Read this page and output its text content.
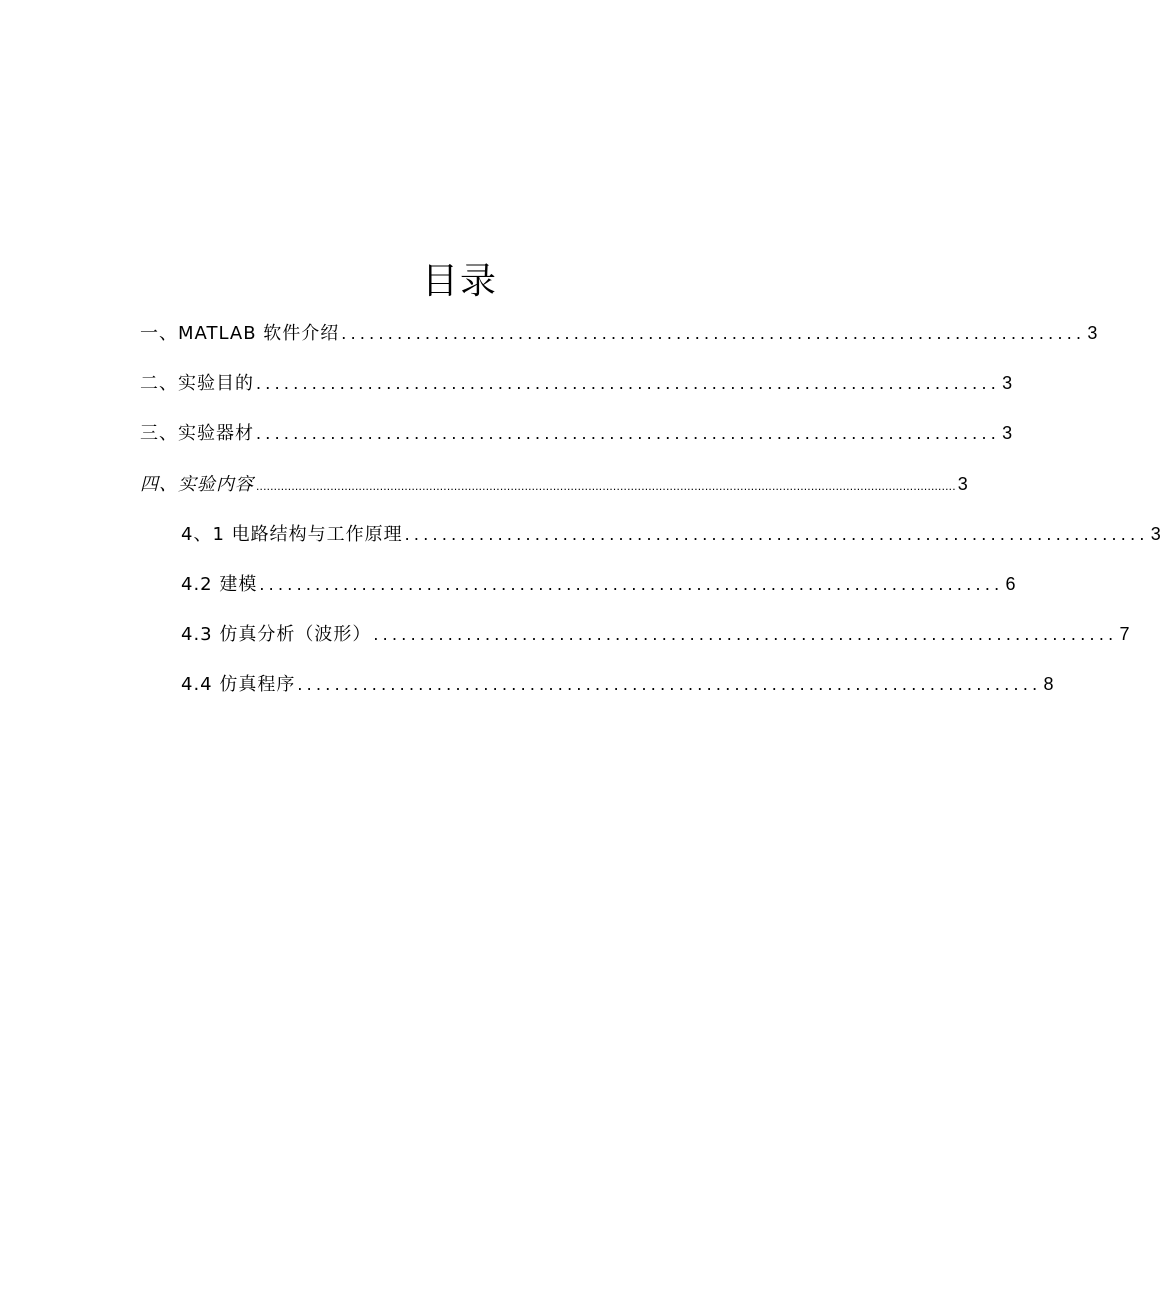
目录
一、MATLAB 软件介绍 ................................................................................ 3
二、实验目的 ................................................................................ 3
三、实验器材 ................................................................................ 3
四、实验内容 ...................................................................................................................................................................................................... 3
4、1 电路结构与工作原理 ................................................................................ 3
4.2 建模 ................................................................................ 6
4.3 仿真分析（波形） ................................................................................ 7
4.4 仿真程序 ................................................................................ 8
